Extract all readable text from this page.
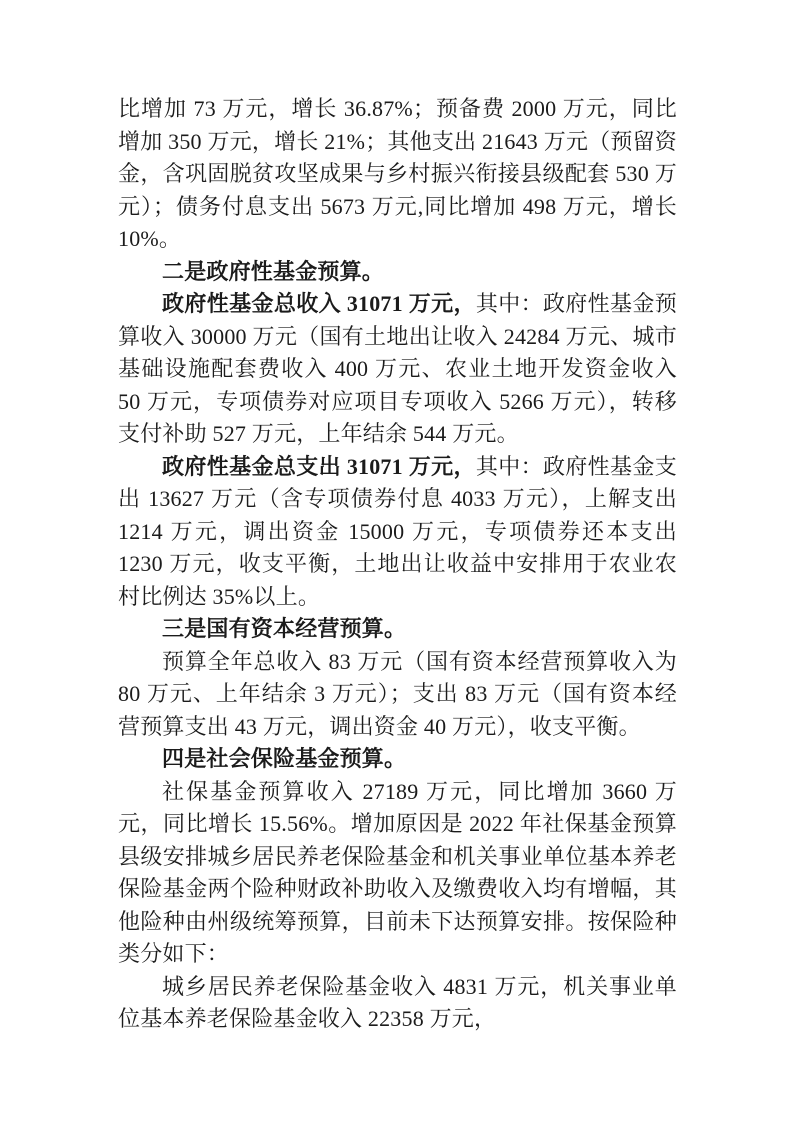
比增加 73 万元，增长 36.87%；预备费 2000 万元，同比增加 350 万元，增长 21%；其他支出 21643 万元（预留资金，含巩固脱贫攻坚成果与乡村振兴衔接县级配套 530 万元）；债务付息支出 5673 万元,同比增加 498 万元，增长 10%。

二是政府性基金预算。

政府性基金总收入 31071 万元，其中：政府性基金预算收入 30000 万元（国有土地出让收入 24284 万元、城市基础设施配套费收入 400 万元、农业土地开发资金收入 50 万元，专项债券对应项目专项收入 5266 万元），转移支付补助 527 万元，上年结余 544 万元。

政府性基金总支出 31071 万元，其中：政府性基金支出 13627 万元（含专项债券付息 4033 万元），上解支出 1214 万元，调出资金 15000 万元，专项债券还本支出 1230 万元，收支平衡，土地出让收益中安排用于农业农村比例达 35%以上。

三是国有资本经营预算。

预算全年总收入 83 万元（国有资本经营预算收入为 80 万元、上年结余 3 万元）；支出 83 万元（国有资本经营预算支出 43 万元，调出资金 40 万元），收支平衡。

四是社会保险基金预算。

社保基金预算收入 27189 万元，同比增加 3660 万元，同比增长 15.56%。增加原因是 2022 年社保基金预算县级安排城乡居民养老保险基金和机关事业单位基本养老保险基金两个险种财政补助收入及缴费收入均有增幅，其他险种由州级统筹预算，目前未下达预算安排。按保险种类分如下：

城乡居民养老保险基金收入 4831 万元，机关事业单位基本养老保险基金收入 22358 万元，
